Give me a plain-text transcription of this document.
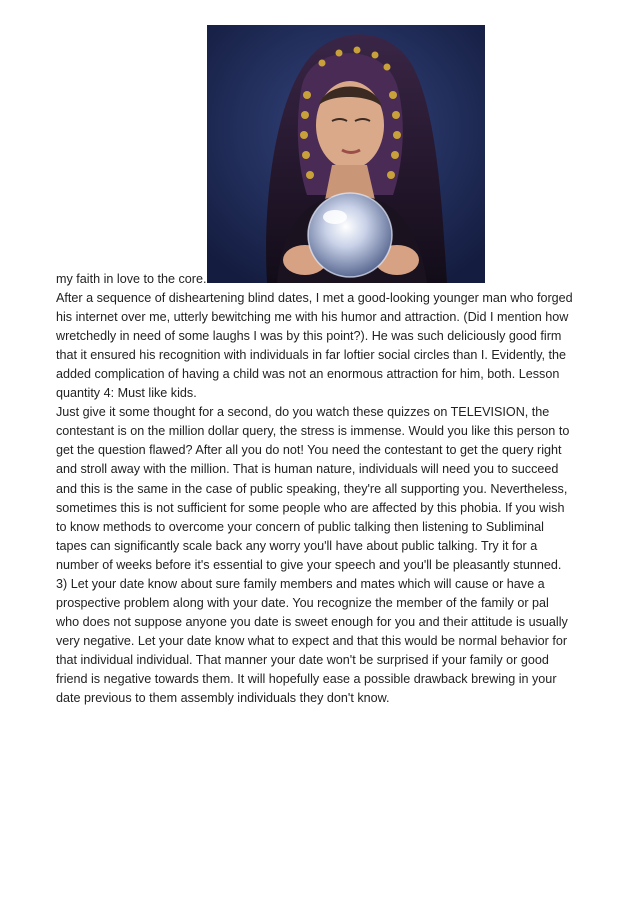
my faith in love to the core.
After a sequence of disheartening blind dates, I met a good-looking younger man who forged
his internet over me, utterly bewitching me with his humor and attraction. (Did I mention how
wretchedly in need of some laughs I was by this point?). He was such deliciously good firm
that it ensured his recognition with individuals in far loftier social circles than I. Evidently, the
added complication of having a child was not an enormous attraction for him, both. Lesson
quantity 4: Must like kids.
Just give it some thought for a second, do you watch these quizzes on TELEVISION, the
contestant is on the million dollar query, the stress is immense. Would you like this person to
get the question flawed? After all you do not! You need the contestant to get the query right
and stroll away with the million. That is human nature, individuals will need you to succeed
and this is the same in the case of public speaking, they're all supporting you. Nevertheless,
sometimes this is not sufficient for some people who are affected by this phobia. If you wish
to know methods to overcome your concern of public talking then listening to Subliminal
tapes can significantly scale back any worry you'll have about public talking. Try it for a
number of weeks before it's essential to give your speech and you'll be pleasantly stunned.
3) Let your date know about sure family members and mates which will cause or have a
prospective problem along with your date. You recognize the member of the family or pal
who does not suppose anyone you date is sweet enough for you and their attitude is usually
very negative. Let your date know what to expect and that this would be normal behavior for
that individual individual. That manner your date won't be surprised if your family or good
friend is negative towards them. It will hopefully ease a possible drawback brewing in your
date previous to them assembly individuals they don't know.
